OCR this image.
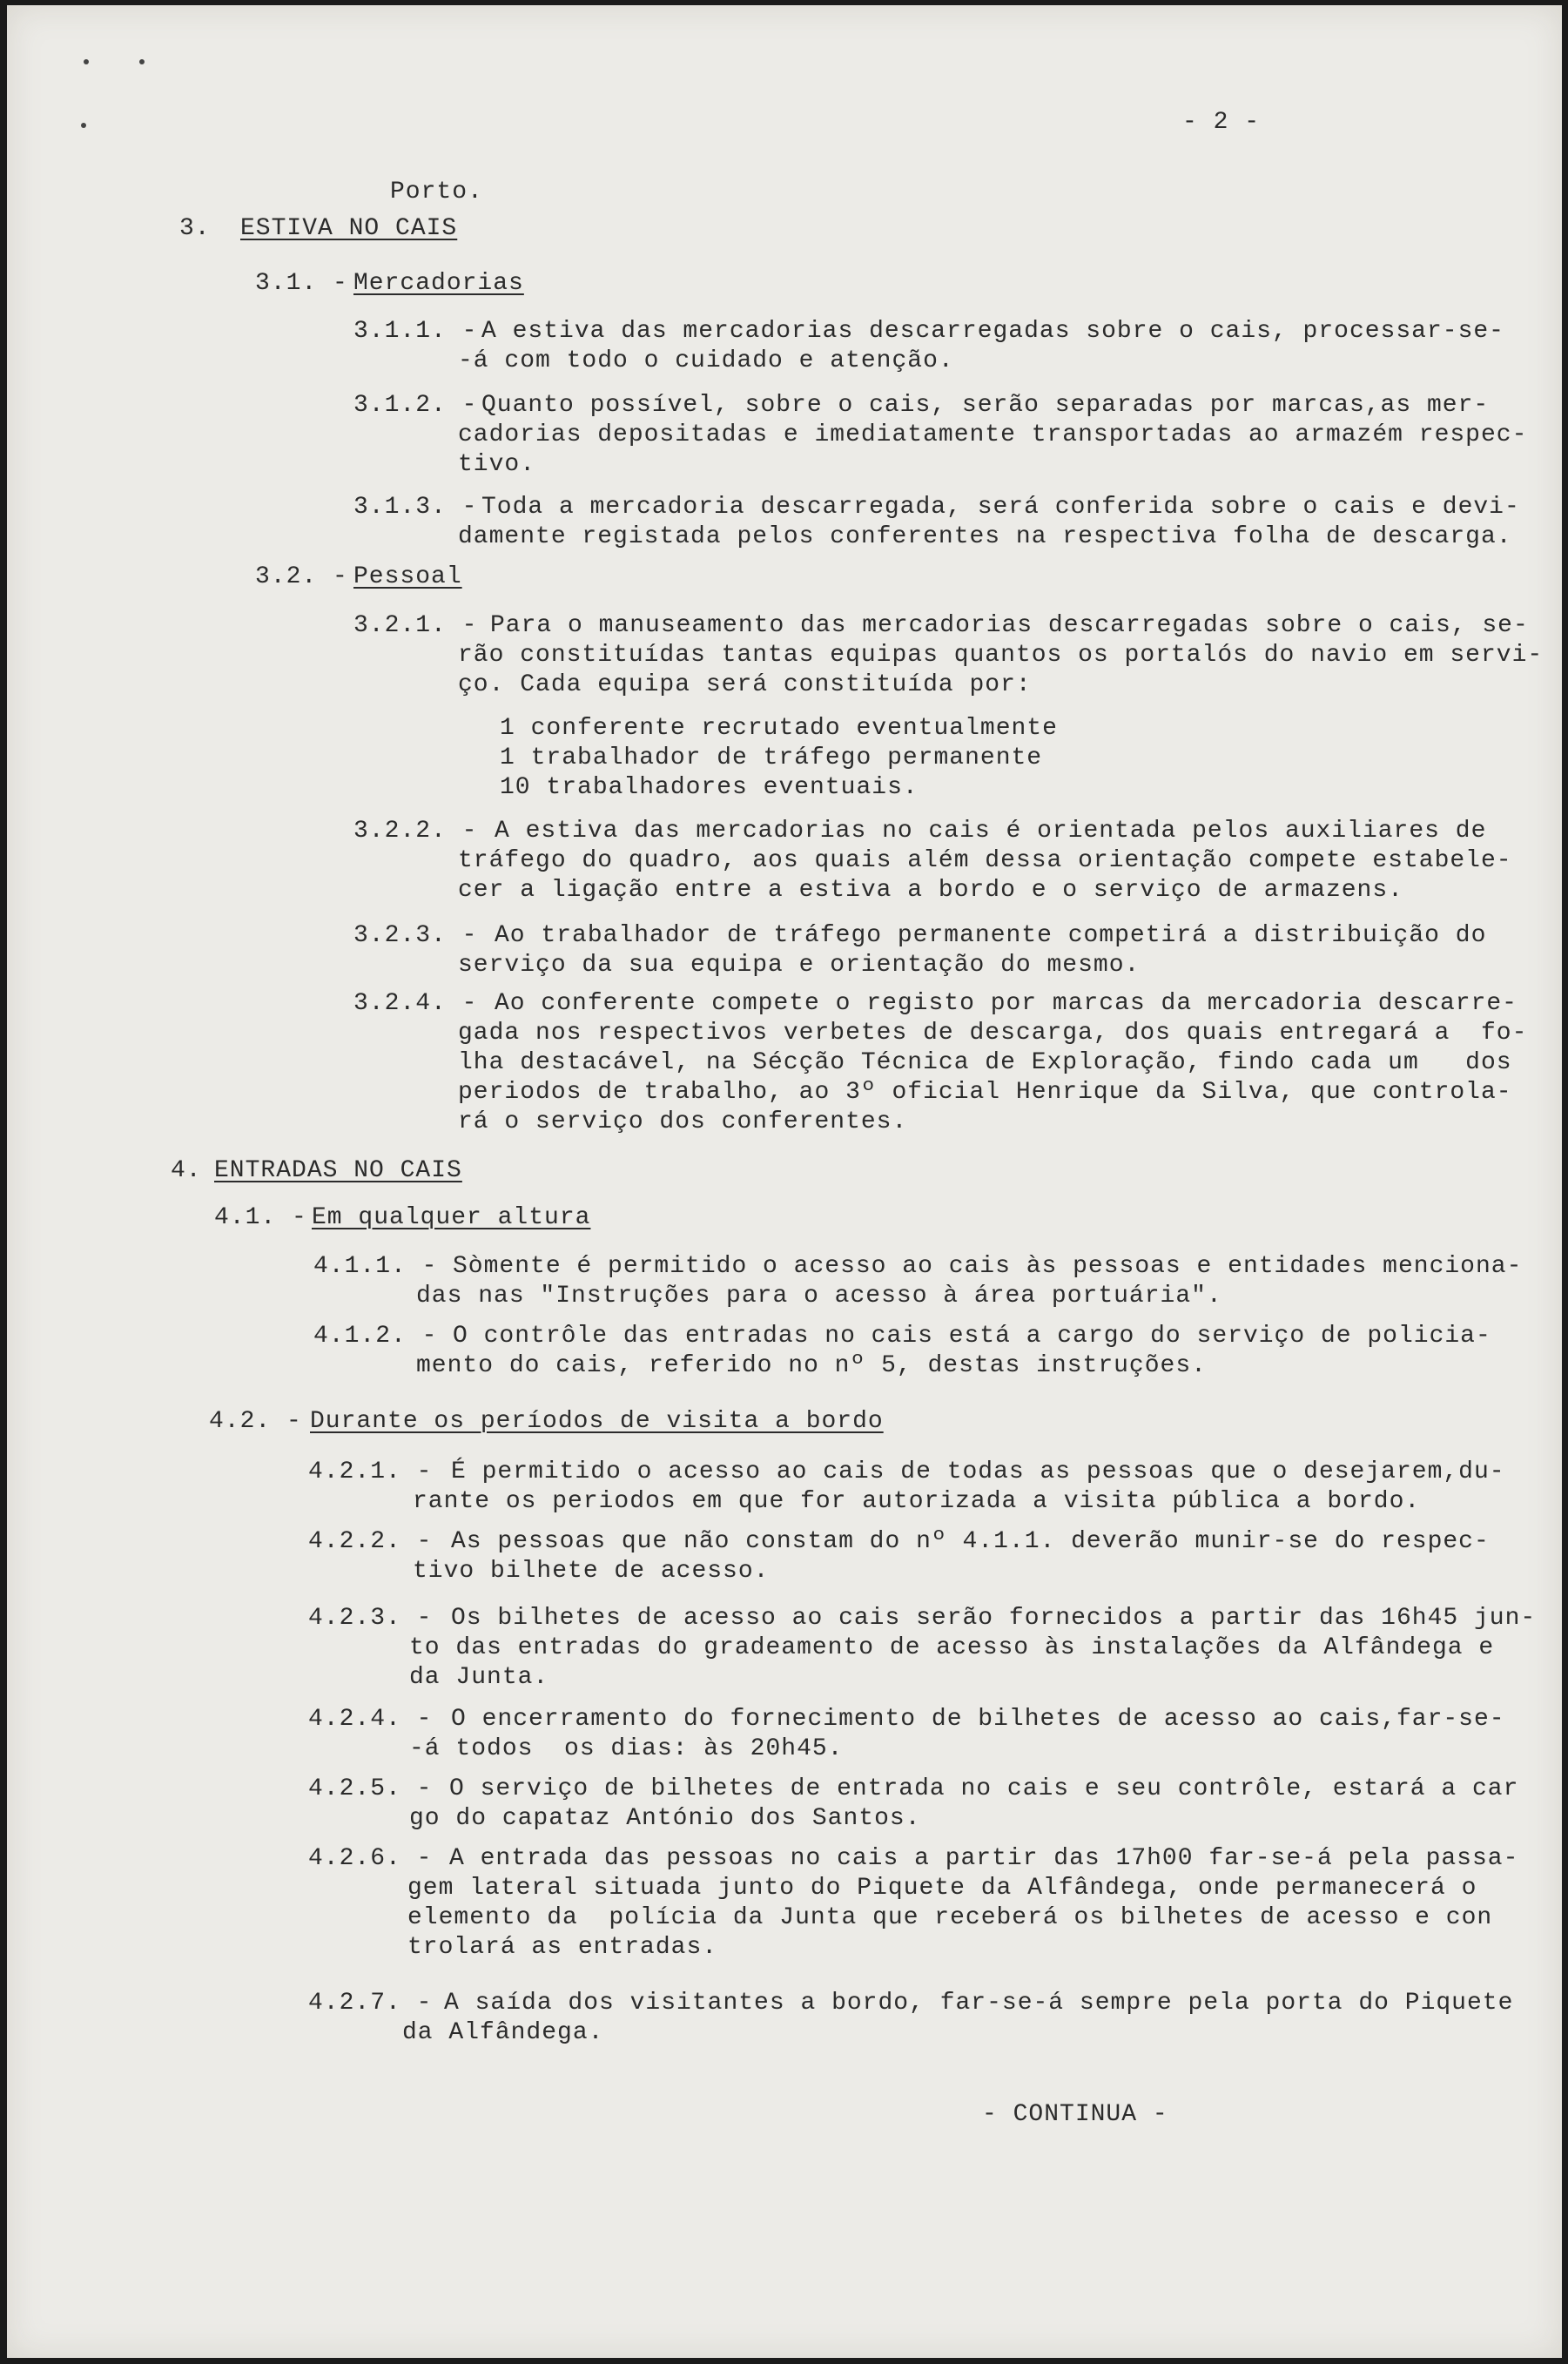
- 2 -
Porto.
3. ESTIVA NO CAIS
3.1. - Mercadorias
3.1.1. - A estiva das mercadorias descarregadas sobre o cais, processar-se-
-á com todo o cuidado e atenção.
3.1.2. - Quanto possível, sobre o cais, serão separadas por marcas,as mer-
cadorias depositadas e imediatamente transportadas ao armazém respec-
tivo.
3.1.3. - Toda a mercadoria descarregada, será conferida sobre o cais e devi-
damente registada pelos conferentes na respectiva folha de descarga.
3.2. - Pessoal
3.2.1. - Para o manuseamento das mercadorias descarregadas sobre o cais, se-
rão constituídas tantas equipas quantos os portalós do navio em servi-
ço. Cada equipa será constituída por:
1 conferente recrutado eventualmente
1 trabalhador de tráfego permanente
10 trabalhadores eventuais.
3.2.2. - A estiva das mercadorias no cais é orientada pelos auxiliares de
tráfego do quadro, aos quais além dessa orientação compete estabele-
cer a ligação entre a estiva a bordo e o serviço de armazens.
3.2.3. - Ao trabalhador de tráfego permanente competirá a distribuição do
serviço da sua equipa e orientação do mesmo.
3.2.4. - Ao conferente compete o registo por marcas da mercadoria descarre-
gada nos respectivos verbetes de descarga, dos quais entregará a  fo-
lha destacável, na Sécção Técnica de Exploração, findo cada um   dos
periodos de trabalho, ao 3º oficial Henrique da Silva, que controla-
rá o serviço dos conferentes.
4. ENTRADAS NO CAIS
4.1. - Em qualquer altura
4.1.1. - Sòmente é permitido o acesso ao cais às pessoas e entidades menciona-
das nas "Instruções para o acesso à área portuária".
4.1.2. - O contrôle das entradas no cais está a cargo do serviço de policia-
mento do cais, referido no nº 5, destas instruções.
4.2. - Durante os períodos de visita a bordo
4.2.1. - É permitido o acesso ao cais de todas as pessoas que o desejarem,du-
rante os periodos em que for autorizada a visita pública a bordo.
4.2.2. - As pessoas que não constam do nº 4.1.1. deverão munir-se do respec-
tivo bilhete de acesso.
4.2.3. - Os bilhetes de acesso ao cais serão fornecidos a partir das 16h45 jun-
to das entradas do gradeamento de acesso às instalações da Alfândega e
da Junta.
4.2.4. - O encerramento do fornecimento de bilhetes de acesso ao cais,far-se-
-á todos  os dias: às 20h45.
4.2.5. - O serviço de bilhetes de entrada no cais e seu contrôle, estará a car
go do capataz António dos Santos.
4.2.6. - A entrada das pessoas no cais a partir das 17h00 far-se-á pela passa-
gem lateral situada junto do Piquete da Alfândega, onde permanecerá o
elemento da  polícia da Junta que receberá os bilhetes de acesso e con
trolará as entradas.
4.2.7. - A saída dos visitantes a bordo, far-se-á sempre pela porta do Piquete
da Alfândega.
- CONTINUA -
